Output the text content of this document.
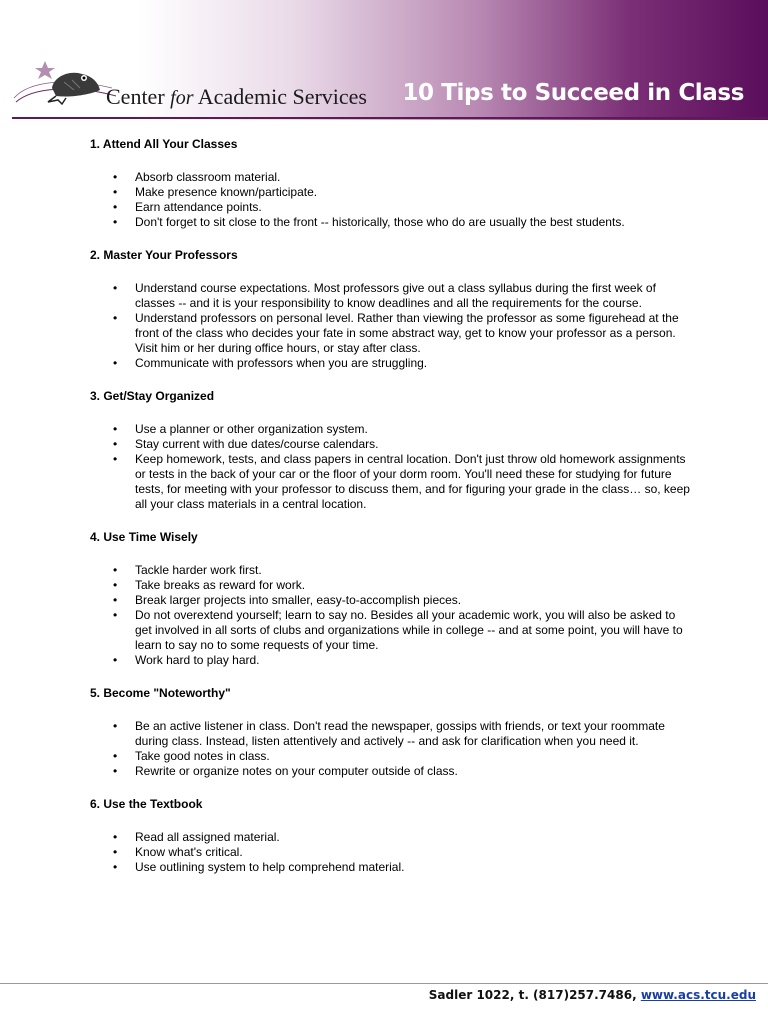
Center for Academic Services 10 Tips to Succeed in Class
1. Attend All Your Classes
• Absorb classroom material.
• Make presence known/participate.
• Earn attendance points.
• Don't forget to sit close to the front -- historically, those who do are usually the best students.
2. Master Your Professors
• Understand course expectations. Most professors give out a class syllabus during the first week of classes -- and it is your responsibility to know deadlines and all the requirements for the course.
• Understand professors on personal level. Rather than viewing the professor as some figurehead at the front of the class who decides your fate in some abstract way, get to know your professor as a person. Visit him or her during office hours, or stay after class.
• Communicate with professors when you are struggling.
3. Get/Stay Organized
• Use a planner or other organization system.
• Stay current with due dates/course calendars.
• Keep homework, tests, and class papers in central location. Don't just throw old homework assignments or tests in the back of your car or the floor of your dorm room. You'll need these for studying for future tests, for meeting with your professor to discuss them, and for figuring your grade in the class… so, keep all your class materials in a central location.
4. Use Time Wisely
• Tackle harder work first.
• Take breaks as reward for work.
• Break larger projects into smaller, easy-to-accomplish pieces.
• Do not overextend yourself; learn to say no. Besides all your academic work, you will also be asked to get involved in all sorts of clubs and organizations while in college -- and at some point, you will have to learn to say no to some requests of your time.
• Work hard to play hard.
5. Become "Noteworthy"
• Be an active listener in class. Don't read the newspaper, gossips with friends, or text your roommate during class. Instead, listen attentively and actively -- and ask for clarification when you need it.
• Take good notes in class.
• Rewrite or organize notes on your computer outside of class.
6. Use the Textbook
• Read all assigned material.
• Know what's critical.
• Use outlining system to help comprehend material.
Sadler 1022, t. (817)257.7486, www.acs.tcu.edu
